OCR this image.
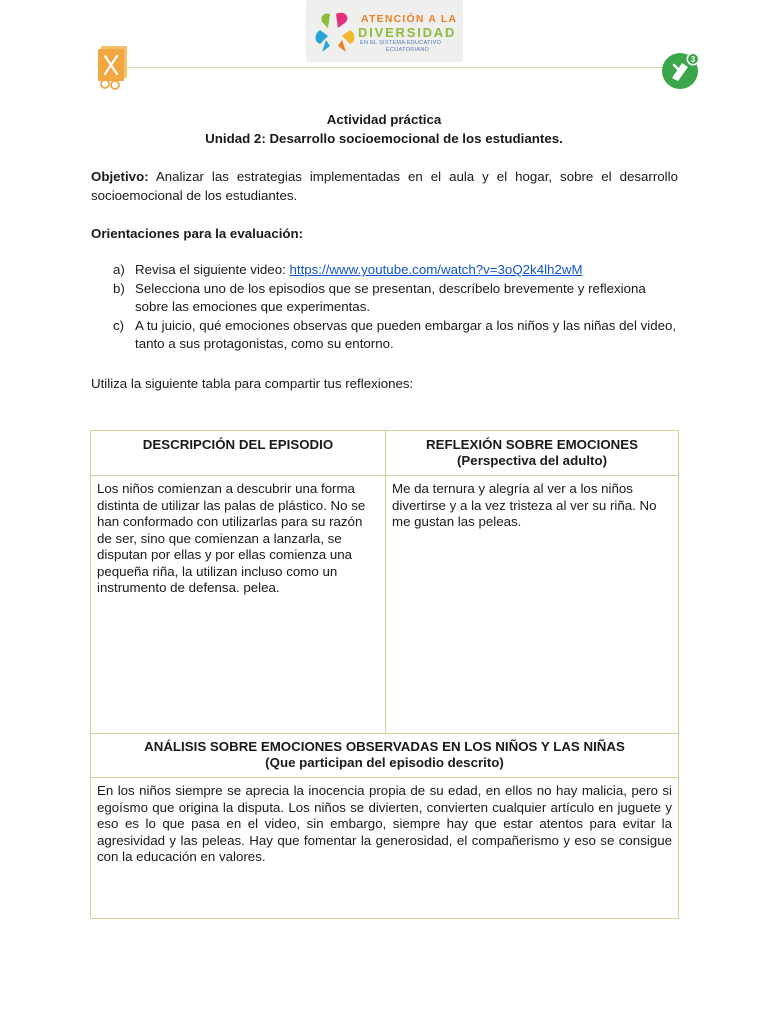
ATENCIÓN A LA
DIVERSIDAD
EN EL SISTEMA EDUCATIVO
ECUATORIANO
3
Actividad práctica
Unidad 2: Desarrollo socioemocional de los estudiantes.
Objetivo: Analizar las estrategias implementadas en el aula y el hogar, sobre el desarrollo socioemocional de los estudiantes.
Orientaciones para la evaluación:
a) Revisa el siguiente video: https://www.youtube.com/watch?v=3oQ2k4lh2wM
b) Selecciona uno de los episodios que se presentan, descríbelo brevemente y reflexiona sobre las emociones que experimentas.
c) A tu juicio, qué emociones observas que pueden embargar a los niños y las niñas del video, tanto a sus protagonistas, como su entorno.
Utiliza la siguiente tabla para compartir tus reflexiones:
DESCRIPCIÓN DEL EPISODIO	REFLEXIÓN SOBRE EMOCIONES
(Perspectiva del adulto)
Los niños comienzan a descubrir una forma distinta de utilizar las palas de plástico. No se han conformado con utilizarlas para su razón de ser, sino que comienzan a lanzarla, se disputan por ellas y por ellas comienza una pequeña riña, la utilizan incluso como un instrumento de defensa. pelea.
Me da ternura y alegría al ver a los niños divertirse y a la vez tristeza al ver su riña. No me gustan las peleas.
ANÁLISIS SOBRE EMOCIONES OBSERVADAS EN LOS NIÑOS Y LAS NIÑAS
(Que participan del episodio descrito)
En los niños siempre se aprecia la inocencia propia de su edad, en ellos no hay malicia, pero si egoísmo que origina la disputa. Los niños se divierten, convierten cualquier artículo en juguete y eso es lo que pasa en el video, sin embargo, siempre hay que estar atentos para evitar la agresividad y las peleas. Hay que fomentar la generosidad, el compañerismo y eso se consigue con la educación en valores.
